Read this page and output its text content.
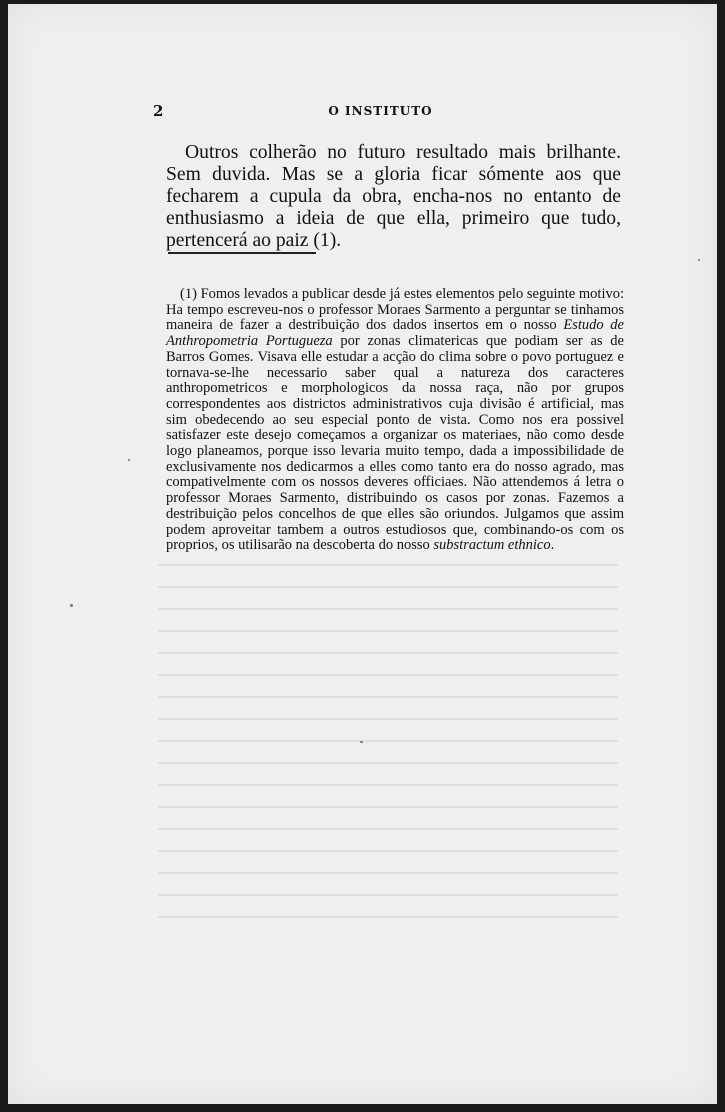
2	O INSTITUTO

Outros colherão no futuro resultado mais brilhante. Sem duvida. Mas se a gloria ficar sómente aos que fecharem a cupula da obra, encha-nos no entanto de enthusiasmo a ideia de que ella, primeiro que tudo, pertencerá ao paiz (1).

(1) Fomos levados a publicar desde já estes elementos pelo seguinte motivo: Ha tempo escreveu-nos o professor Moraes Sarmento a perguntar se tinhamos maneira de fazer a destribuição dos dados insertos em o nosso Estudo de Anthropometria Portugueza por zonas climatericas que podiam ser as de Barros Gomes. Visava elle estudar a acção do clima sobre o povo portuguez e tornava-se-lhe necessario saber qual a natureza dos caracteres anthropometricos e morphologicos da nossa raça, não por grupos correspondentes aos districtos administrativos cuja divisão é artificial, mas sim obedecendo ao seu especial ponto de vista. Como nos era possivel satisfazer este desejo começamos a organizar os materiaes, não como desde logo planeamos, porque isso levaria muito tempo, dada a impossibilidade de exclusivamente nos dedicarmos a elles como tanto era do nosso agrado, mas compativelmente com os nossos deveres officiaes. Não attendemos á letra o professor Moraes Sarmento, distribuindo os casos por zonas. Fazemos a destribuição pelos concelhos de que elles são oriundos. Julgamos que assim podem aproveitar tambem a outros estudiosos que, combinando-os com os proprios, os utilisarão na descoberta do nosso substractum ethnico.
